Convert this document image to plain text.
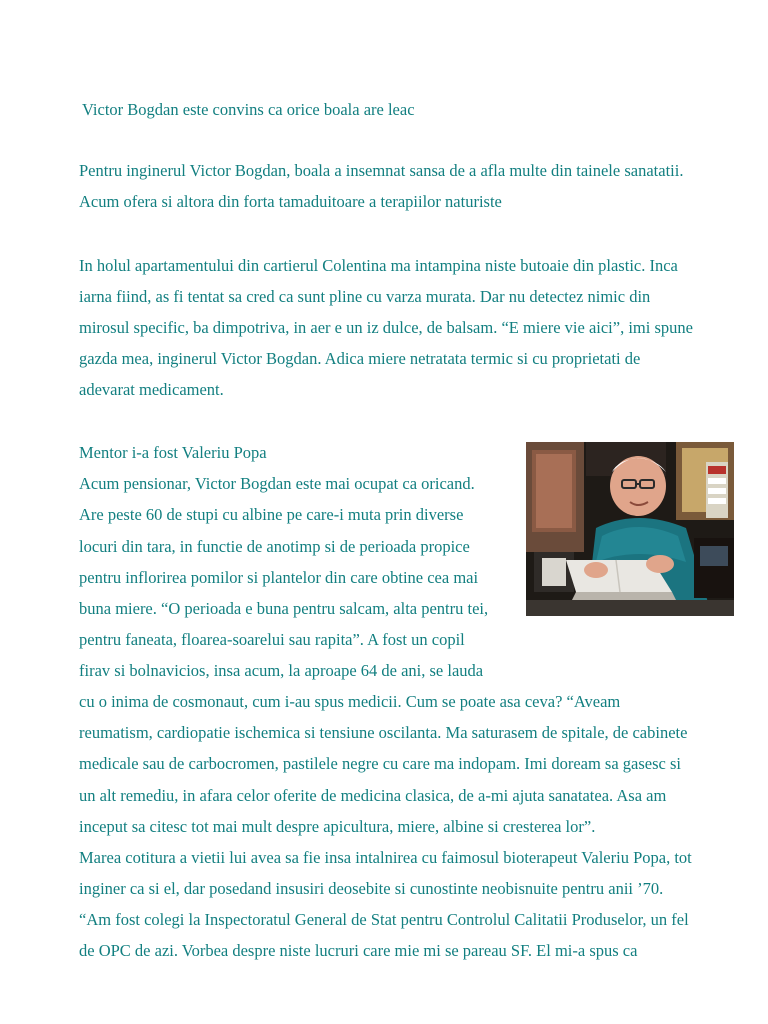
Victor Bogdan este convins ca orice boala are leac
Pentru inginerul Victor Bogdan, boala a insemnat sansa de a afla multe din tainele sanatatii.
Acum ofera si altora din forta tamaduitoare a terapiilor naturiste
In holul apartamentului din cartierul Colentina ma intampina niste butoaie din plastic. Inca
iarna fiind, as fi tentat sa cred ca sunt pline cu varza murata. Dar nu detectez nimic din
mirosul specific, ba dimpotriva, in aer e un iz dulce, de balsam. “E miere vie aici”, imi spune
gazda mea, inginerul Victor Bogdan. Adica miere netratata termic si cu proprietati de
adevarat medicament.
Mentor i-a fost Valeriu Popa
Acum pensionar, Victor Bogdan este mai ocupat ca oricand.
Are peste 60 de stupi cu albine pe care-i muta prin diverse
locuri din tara, in functie de anotimp si de perioada propice
pentru inflorirea pomilor si plantelor din care obtine cea mai
buna miere. “O perioada e buna pentru salcam, alta pentru tei,
pentru faneata, floarea-soarelui sau rapita”. A fost un copil
firav si bolnavicios, insa acum, la aproape 64 de ani, se lauda
cu o inima de cosmonaut, cum i-au spus medicii. Cum se poate asa ceva? “Aveam
reumatism, cardiopatie ischemica si tensiune oscilanta. Ma saturasem de spitale, de cabinete
medicale sau de carbocromen, pastilele negre cu care ma indopam. Imi doream sa gasesc si
un alt remediu, in afara celor oferite de medicina clasica, de a-mi ajuta sanatatea. Asa am
inceput sa citesc tot mai mult despre apicultura, miere, albine si cresterea lor”.
Marea cotitura a vietii lui avea sa fie insa intalnirea cu faimosul bioterapeut Valeriu Popa, tot
inginer ca si el, dar posedand insusiri deosebite si cunostinte neobisnuite pentru anii ’70.
“Am fost colegi la Inspectoratul General de Stat pentru Controlul Calitatii Produselor, un fel
de OPC de azi. Vorbea despre niste lucruri care mie mi se pareau SF. El mi-a spus ca
